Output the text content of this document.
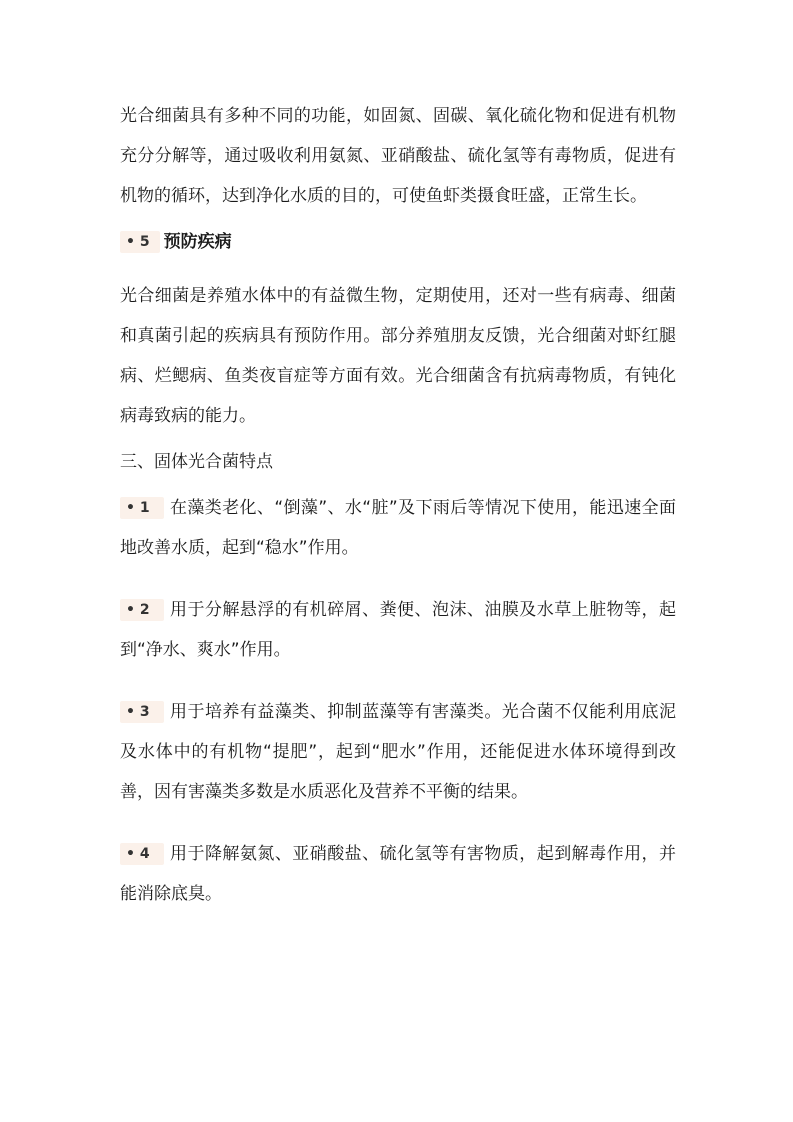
光合细菌具有多种不同的功能，如固氮、固碳、氧化硫化物和促进有机物充分分解等，通过吸收利用氨氮、亚硝酸盐、硫化氢等有毒物质，促进有机物的循环，达到净化水质的目的，可使鱼虾类摄食旺盛，正常生长。

• 5 预防疾病

光合细菌是养殖水体中的有益微生物，定期使用，还对一些有病毒、细菌和真菌引起的疾病具有预防作用。部分养殖朋友反馈，光合细菌对虾红腿病、烂鳃病、鱼类夜盲症等方面有效。光合细菌含有抗病毒物质，有钝化病毒致病的能力。

三、固体光合菌特点

• 1 在藻类老化、“倒藻”、水“脏”及下雨后等情况下使用，能迅速全面地改善水质，起到“稳水”作用。

• 2 用于分解悬浮的有机碎屑、粪便、泡沫、油膜及水草上脏物等，起到“净水、爽水”作用。

• 3 用于培养有益藻类、抑制蓝藻等有害藻类。光合菌不仅能利用底泥及水体中的有机物“提肥”，起到“肥水”作用，还能促进水体环境得到改善，因有害藻类多数是水质恶化及营养不平衡的结果。

• 4 用于降解氨氮、亚硝酸盐、硫化氢等有害物质，起到解毒作用，并能消除底臭。
